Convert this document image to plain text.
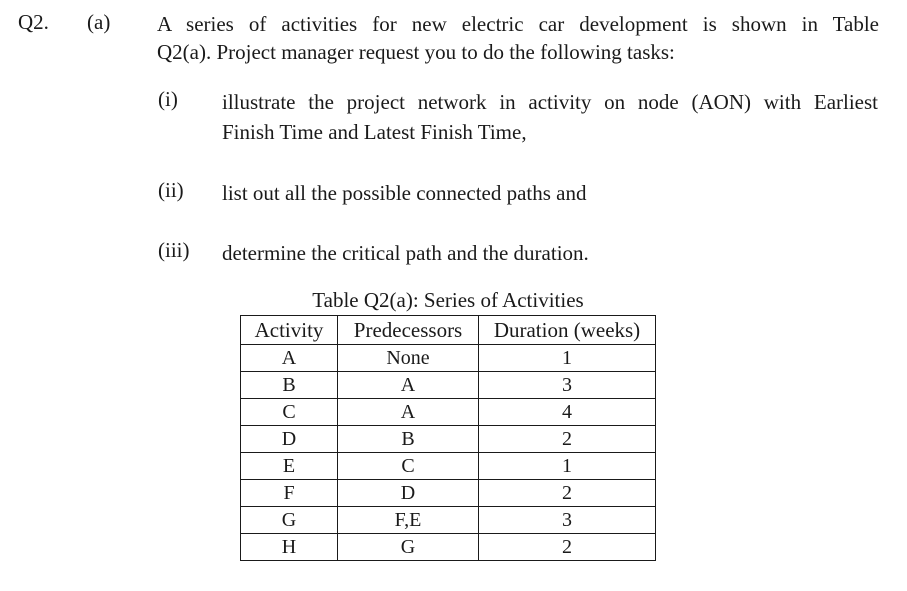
Q2. (a) A series of activities for new electric car development is shown in Table
Q2(a). Project manager request you to do the following tasks:
(i) illustrate the project network in activity on node (AON) with Earliest
Finish Time and Latest Finish Time,
(ii) list out all the possible connected paths and
(iii) determine the critical path and the duration.
Table Q2(a): Series of Activities
Activity	Predecessors	Duration (weeks)
A	None	1
B	A	3
C	A	4
D	B	2
E	C	1
F	D	2
G	F,E	3
H	G	2
